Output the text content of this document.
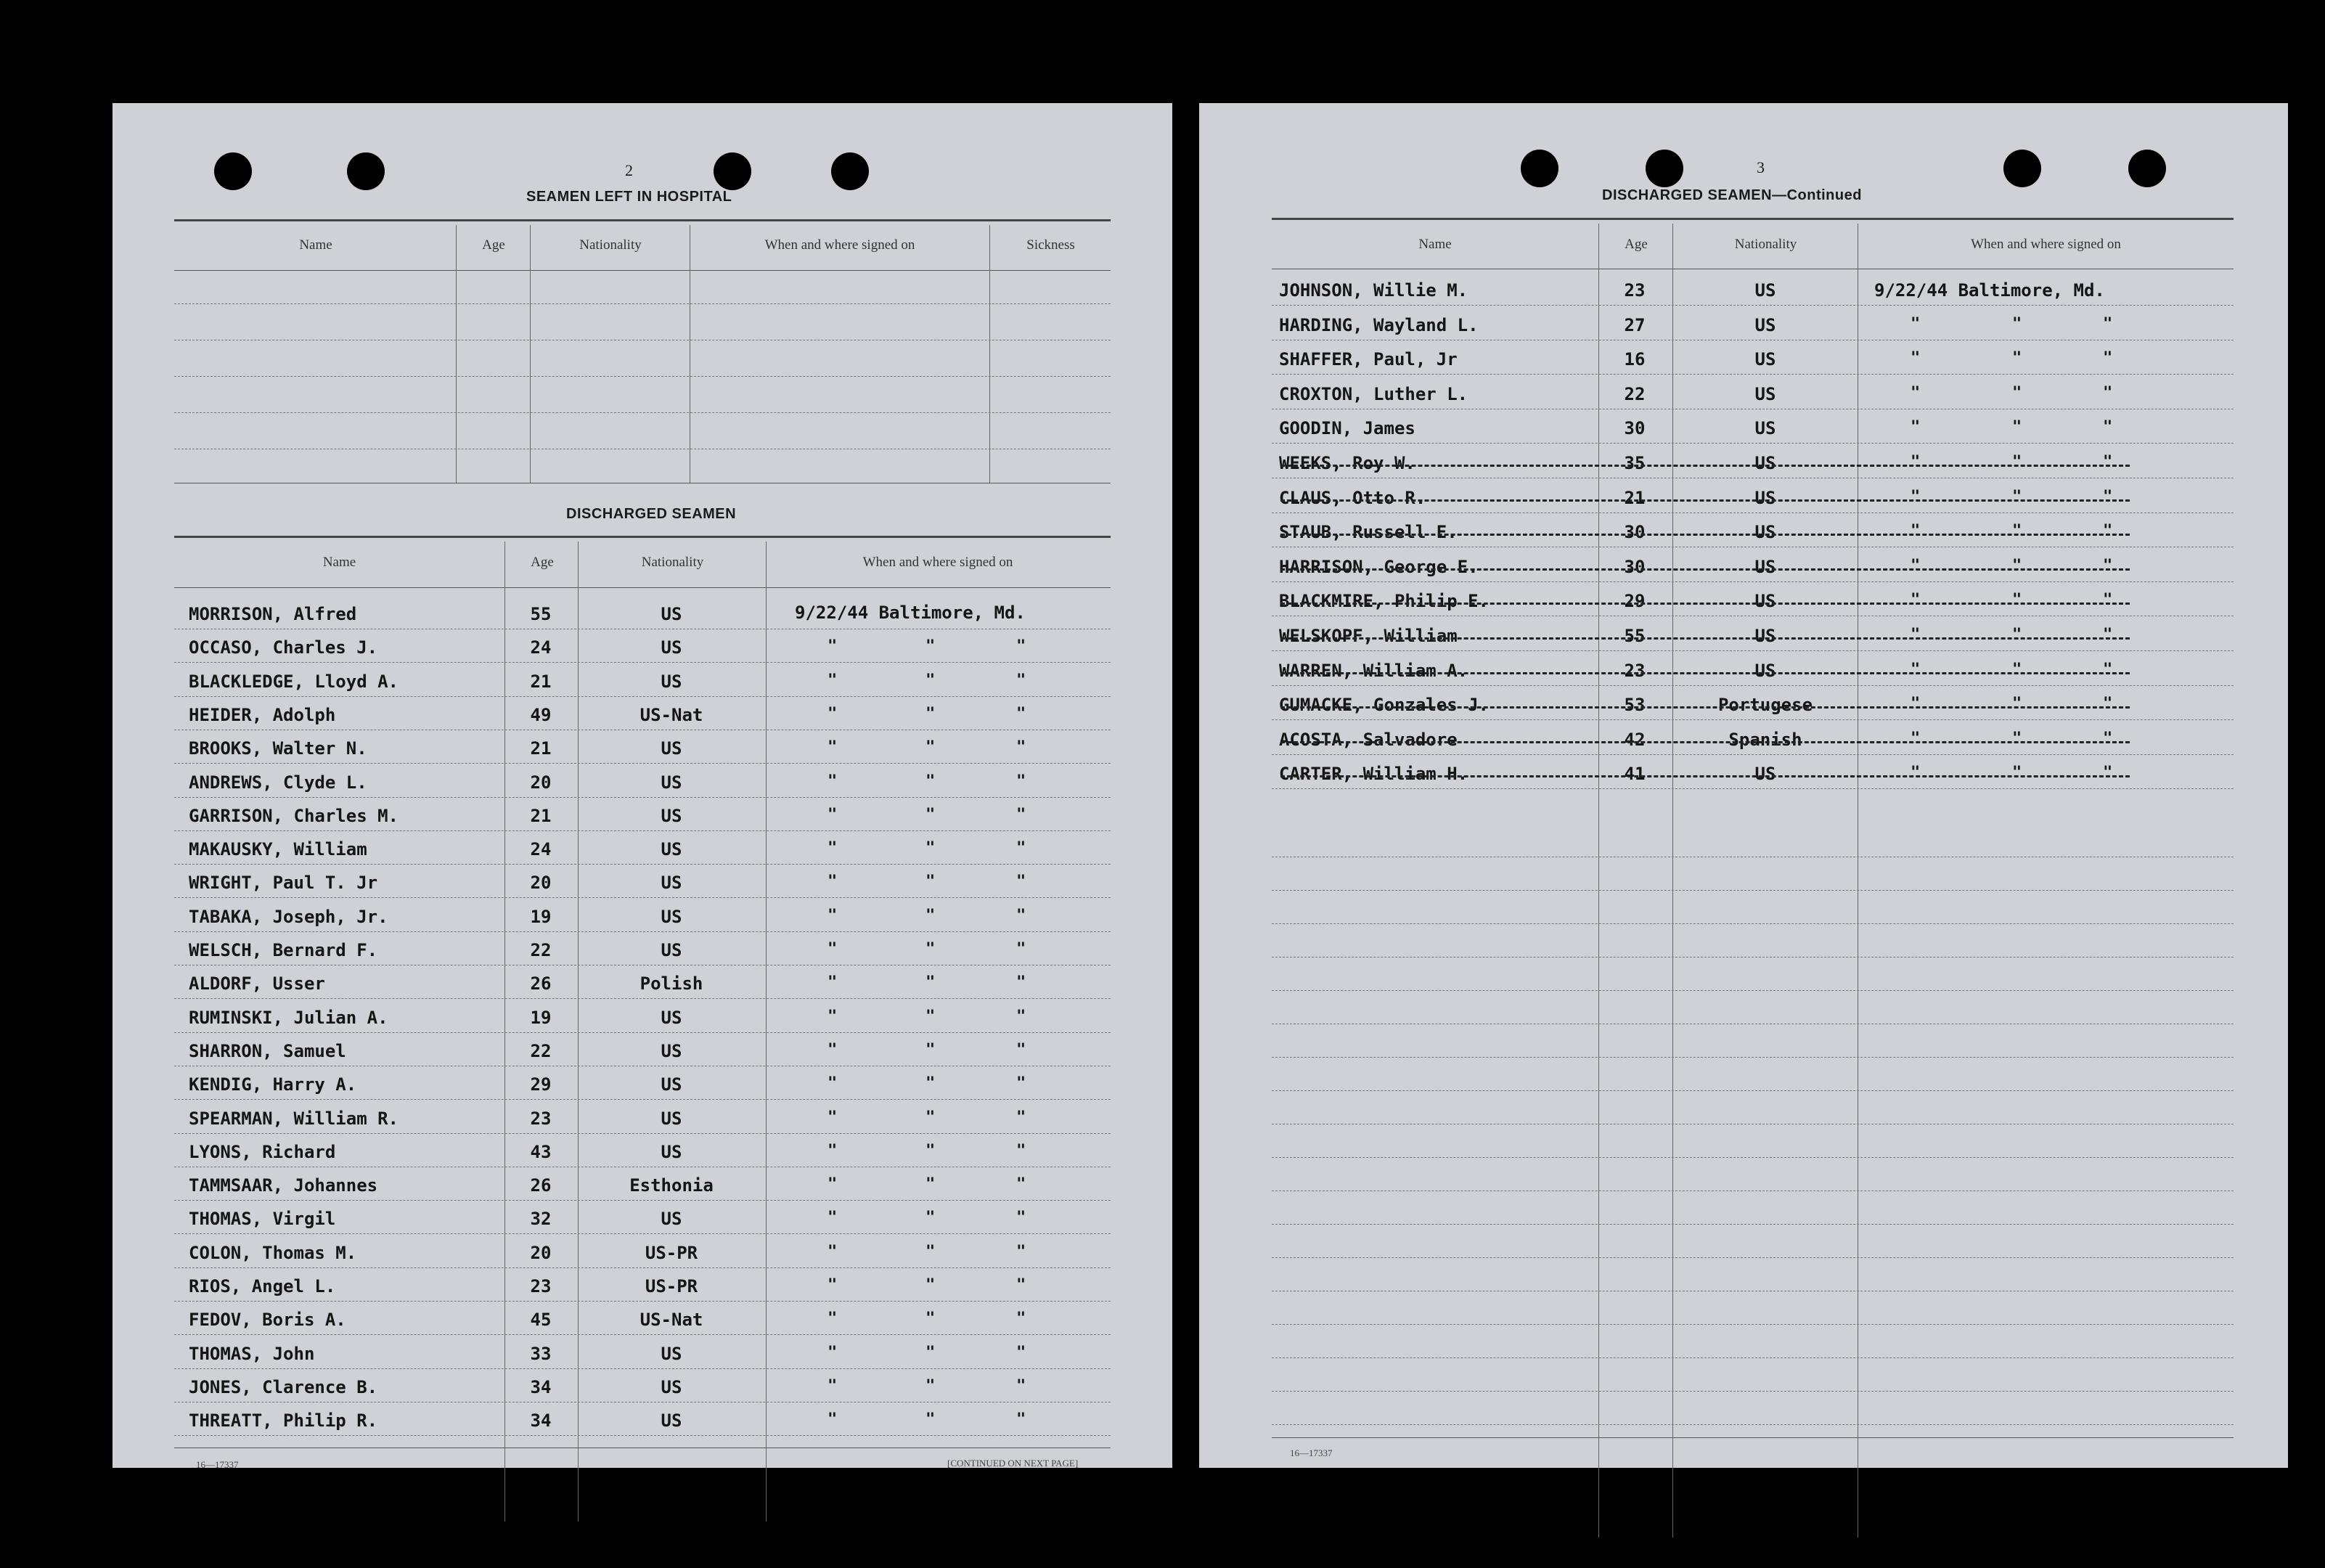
2
SEAMEN LEFT IN HOSPITAL
Name	Age	Nationality	When and where signed on	Sickness
DISCHARGED SEAMEN
Name	Age	Nationality	When and where signed on
MORRISON, Alfred	55	US	9/22/44 Baltimore, Md.
OCCASO, Charles J.	24	US	"	"	"
BLACKLEDGE, Lloyd A.	21	US	"	"	"
HEIDER, Adolph	49	US-Nat	"	"	"
BROOKS, Walter N.	21	US	"	"	"
ANDREWS, Clyde L.	20	US	"	"	"
GARRISON, Charles M.	21	US	"	"	"
MAKAUSKY, William	24	US	"	"	"
WRIGHT, Paul T. Jr	20	US	"	"	"
TABAKA, Joseph, Jr.	19	US	"	"	"
WELSCH, Bernard F.	22	US	"	"	"
ALDORF, Usser	26	Polish	"	"	"
RUMINSKI, Julian A.	19	US	"	"	"
SHARRON, Samuel	22	US	"	"	"
KENDIG, Harry A.	29	US	"	"	"
SPEARMAN, William R.	23	US	"	"	"
LYONS, Richard	43	US	"	"	"
TAMMSAAR, Johannes	26	Esthonia	"	"	"
THOMAS, Virgil	32	US	"	"	"
COLON, Thomas M.	20	US-PR	"	"	"
RIOS, Angel L.	23	US-PR	"	"	"
FEDOV, Boris A.	45	US-Nat	"	"	"
THOMAS, John	33	US	"	"	"
JONES, Clarence B.	34	US	"	"	"
THREATT, Philip R.	34	US	"	"	"
16—17337	[CONTINUED ON NEXT PAGE]
3
DISCHARGED SEAMEN—Continued
Name	Age	Nationality	When and where signed on
JOHNSON, Willie M.	23	US	9/22/44 Baltimore, Md.
HARDING, Wayland L.	27	US	"	"	"
SHAFFER, Paul, Jr	16	US	"	"	"
CROXTON, Luther L.	22	US	"	"	"
GOODIN, James	30	US	"	"	"
WEEKS, Roy W.	35	US	"	"	"
CLAUS, Otto R.	21	US	"	"	"
STAUB, Russell E.	30	US	"	"	"
HARRISON, George E.	30	US	"	"	"
BLACKMIRE, Philip E.	29	US	"	"	"
WELSKOPF, William	55	US	"	"	"
WARREN, William A.	23	US	"	"	"
GUMACKE, Gonzales J.	53	Portugese	"	"	"
ACOSTA, Salvadore	42	Spanish	"	"	"
CARTER, William H.	41	US	"	"	"
16—17337
